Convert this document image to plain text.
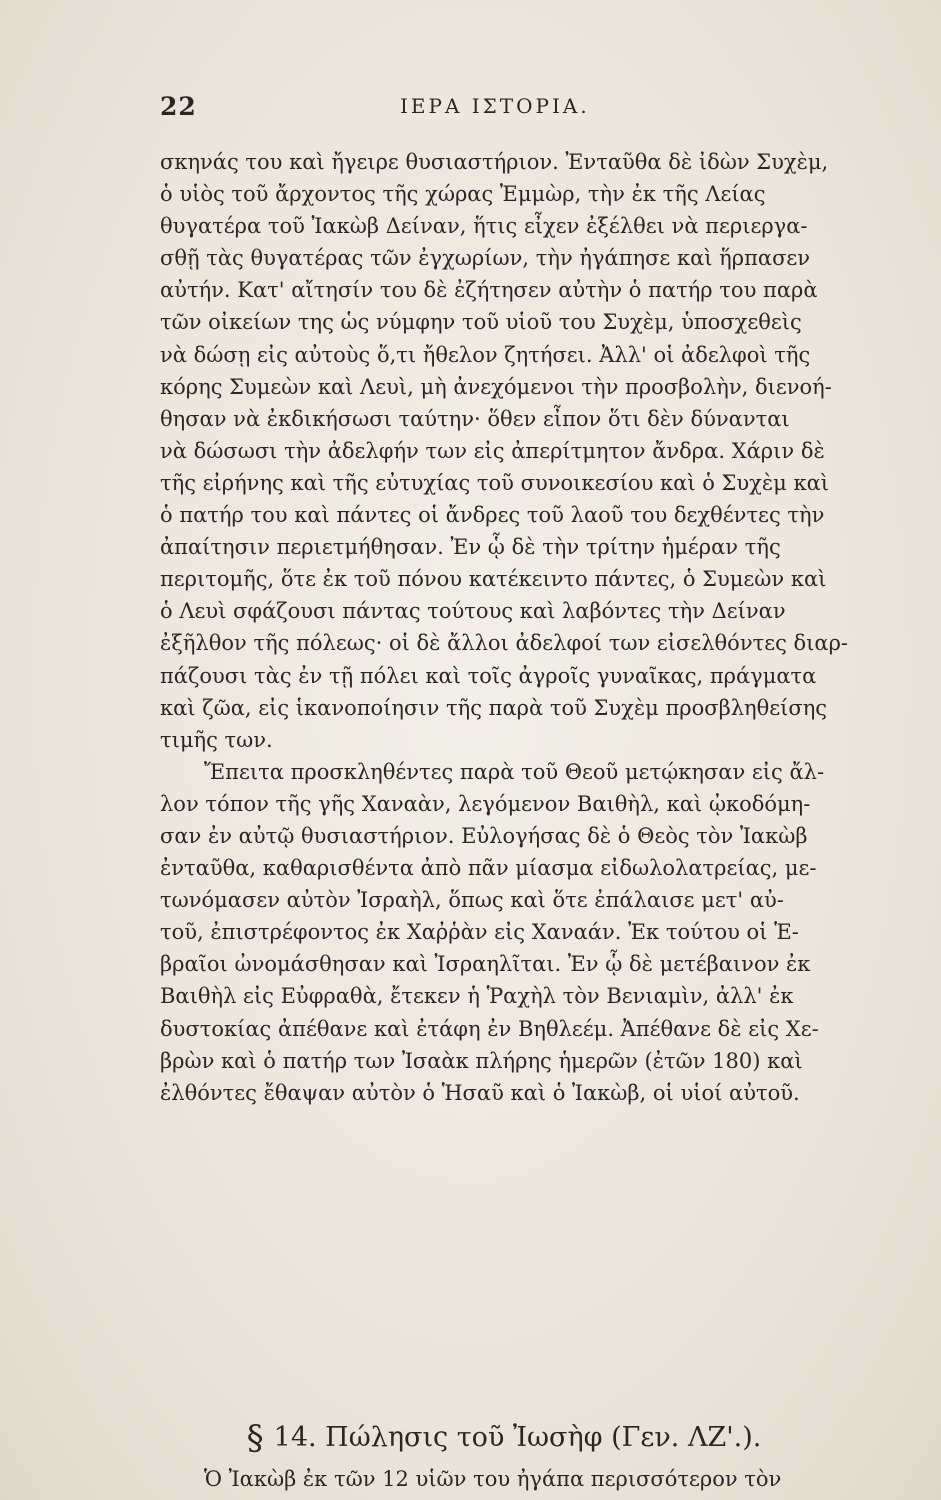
22	ΙΕΡΑ ΙΣΤΟΡΙΑ.
σκηνάς του καὶ ἤγειρε θυσιαστήριον. Ἐνταῦθα δὲ ἰδὼν Συχὲμ,
ὁ υἱὸς τοῦ ἄρχοντος τῆς χώρας Ἐμμὼρ, τὴν ἐκ τῆς Λείας
θυγατέρα τοῦ Ἰακὼβ Δείναν, ἥτις εἶχεν ἐξέλθει νὰ περιεργα-
σθῇ τὰς θυγατέρας τῶν ἐγχωρίων, τὴν ἠγάπησε καὶ ἥρπασεν
αὐτήν. Κατ' αἴτησίν του δὲ ἐζήτησεν αὐτὴν ὁ πατήρ του παρὰ
τῶν οἰκείων της ὡς νύμφην τοῦ υἱοῦ του Συχὲμ, ὑποσχεθεὶς
νὰ δώσῃ εἰς αὐτοὺς ὅ,τι ἤθελον ζητήσει. Ἀλλ' οἱ ἀδελφοὶ τῆς
κόρης Συμεὼν καὶ Λευὶ, μὴ ἀνεχόμενοι τὴν προσβολὴν, διενοή-
θησαν νὰ ἐκδικήσωσι ταύτην· ὅθεν εἶπον ὅτι δὲν δύνανται
νὰ δώσωσι τὴν ἀδελφήν των εἰς ἀπερίτμητον ἄνδρα. Χάριν δὲ
τῆς εἰρήνης καὶ τῆς εὐτυχίας τοῦ συνοικεσίου καὶ ὁ Συχὲμ καὶ
ὁ πατήρ του καὶ πάντες οἱ ἄνδρες τοῦ λαοῦ του δεχθέντες τὴν
ἀπαίτησιν περιετμήθησαν. Ἐν ᾧ δὲ τὴν τρίτην ἡμέραν τῆς
περιτομῆς, ὅτε ἐκ τοῦ πόνου κατέκειντο πάντες, ὁ Συμεὼν καὶ
ὁ Λευὶ σφάζουσι πάντας τούτους καὶ λαβόντες τὴν Δείναν
ἐξῆλθον τῆς πόλεως· οἱ δὲ ἄλλοι ἀδελφοί των εἰσελθόντες διαρ-
πάζουσι τὰς ἐν τῇ πόλει καὶ τοῖς ἀγροῖς γυναῖκας, πράγματα
καὶ ζῶα, εἰς ἱκανοποίησιν τῆς παρὰ τοῦ Συχὲμ προσβληθείσης
τιμῆς των.
Ἔπειτα προσκληθέντες παρὰ τοῦ Θεοῦ μετῴκησαν εἰς ἄλ-
λον τόπον τῆς γῆς Χαναὰν, λεγόμενον Βαιθὴλ, καὶ ᾠκοδόμη-
σαν ἐν αὐτῷ θυσιαστήριον. Εὐλογήσας δὲ ὁ Θεὸς τὸν Ἰακὼβ
ἐνταῦθα, καθαρισθέντα ἀπὸ πᾶν μίασμα εἰδωλολατρείας, με-
τωνόμασεν αὐτὸν Ἰσραὴλ, ὅπως καὶ ὅτε ἐπάλαισε μετ' αὐ-
τοῦ, ἐπιστρέφοντος ἐκ Χαῤῥὰν εἰς Χαναάν. Ἐκ τούτου οἱ Ἑ-
βραῖοι ὠνομάσθησαν καὶ Ἰσραηλῖται. Ἐν ᾧ δὲ μετέβαινον ἐκ
Βαιθὴλ εἰς Εὐφραθὰ, ἔτεκεν ἡ Ῥαχὴλ τὸν Βενιαμὶν, ἀλλ' ἐκ
δυστοκίας ἀπέθανε καὶ ἐτάφη ἐν Βηθλεέμ. Ἀπέθανε δὲ εἰς Χε-
βρὼν καὶ ὁ πατήρ των Ἰσαὰκ πλήρης ἡμερῶν (ἐτῶν 180) καὶ
ἐλθόντες ἔθαψαν αὐτὸν ὁ Ἡσαῦ καὶ ὁ Ἰακὼβ, οἱ υἱοί αὐτοῦ.
§ 14. Πώλησις τοῦ Ἰωσὴφ (Γεν. ΛΖ'.).
Ὁ Ἰακὼβ ἐκ τῶν 12 υἱῶν του ἠγάπα περισσότερον τὸν
